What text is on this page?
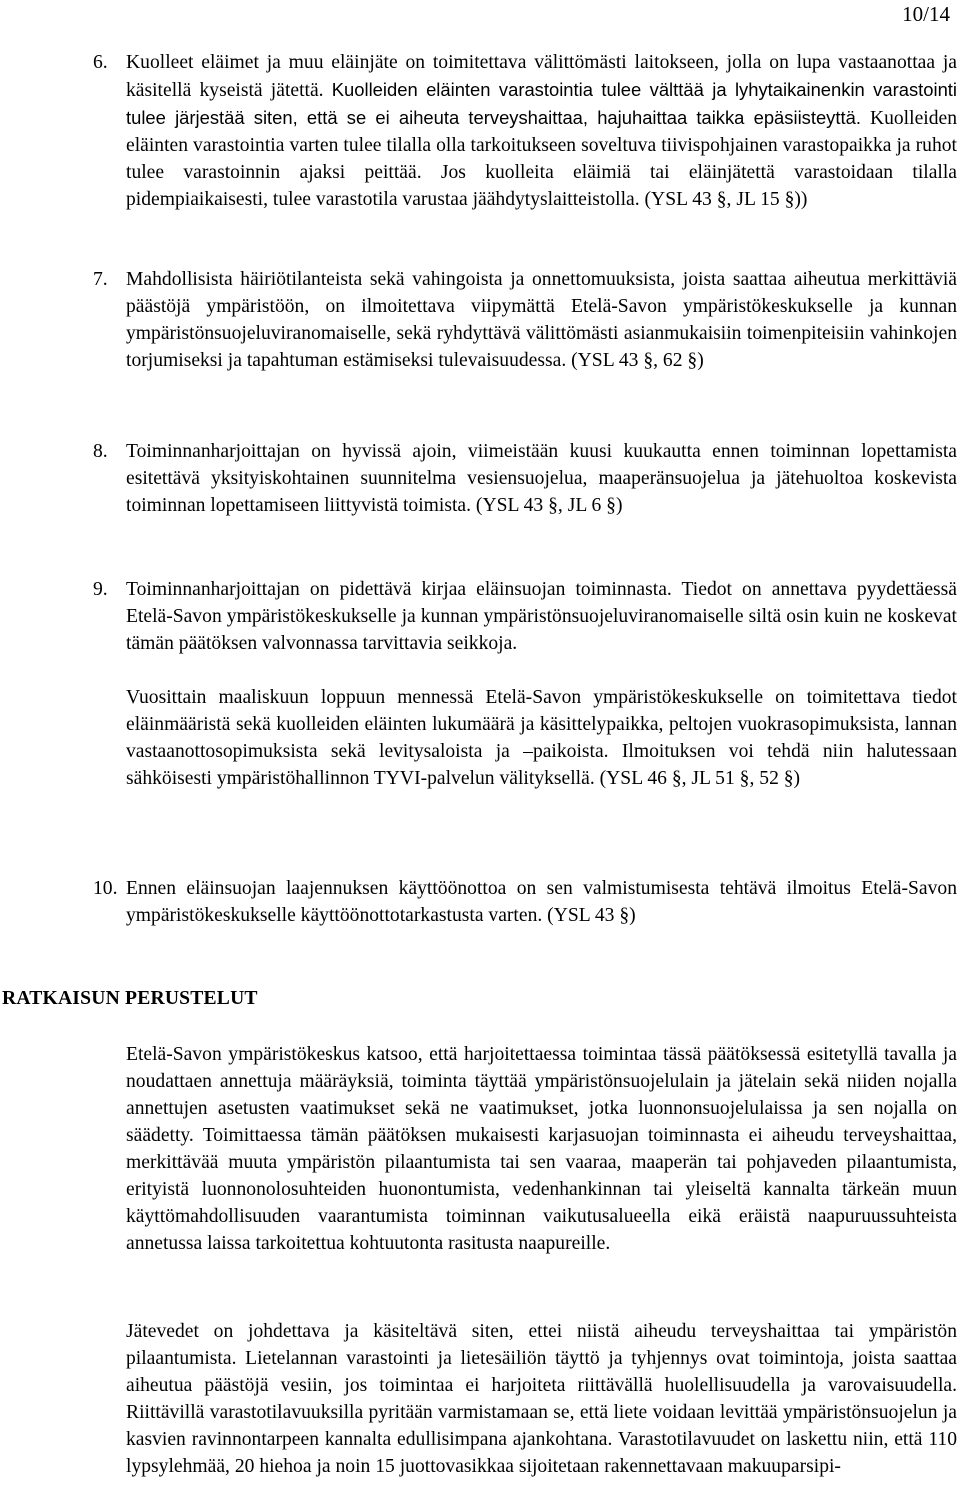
10/14
6. Kuolleet eläimet ja muu eläinjäte on toimitettava välittömästi laitokseen, jolla on lupa vastaanottaa ja käsitellä kyseistä jätettä. Kuolleiden eläinten varastointia tulee välttää ja lyhytaikainenkin varastointi tulee järjestää siten, että se ei aiheuta terveyshaittaa, hajuhaittaa taikka epäsiisteyttä. Kuolleiden eläinten varastointia varten tulee tilalla olla tarkoitukseen soveltuva tiivispohjainen varastopaikka ja ruhot tulee varastoinnin ajaksi peittää. Jos kuolleita eläimiä tai eläinjätettä varastoidaan tilalla pidempiaikaisesti, tulee varastotila varustaa jäähdytyslaitteistolla. (YSL 43 §, JL 15 §))

7. Mahdollisista häiriötilanteista sekä vahingoista ja onnettomuuksista, joista saattaa aiheutua merkittäviä päästöjä ympäristöön, on ilmoitettava viipymättä Etelä-Savon ympäristökeskukselle ja kunnan ympäristönsuojeluviranomaiselle, sekä ryhdyttävä välittömästi asianmukaisiin toimenpiteisiin vahinkojen torjumiseksi ja tapahtuman estämiseksi tulevaisuudessa. (YSL 43 §, 62 §)

8. Toiminnanharjoittajan on hyvissä ajoin, viimeistään kuusi kuukautta ennen toiminnan lopettamista esitettävä yksityiskohtainen suunnitelma vesiensuojelua, maaperänsuojelua ja jätehuoltoa koskevista toiminnan lopettamiseen liittyvistä toimista. (YSL 43 §, JL 6 §)

9. Toiminnanharjoittajan on pidettävä kirjaa eläinsuojan toiminnasta. Tiedot on annettava pyydettäessä Etelä-Savon ympäristökeskukselle ja kunnan ympäristönsuojeluviranomaiselle siltä osin kuin ne koskevat tämän päätöksen valvonnassa tarvittavia seikkoja.

Vuosittain maaliskuun loppuun mennessä Etelä-Savon ympäristökeskukselle on toimitettava tiedot eläinmääristä sekä kuolleiden eläinten lukumäärä ja käsittelypaikka, peltojen vuokrasopimuksista, lannan vastaanottosopimuksista sekä levitysaloista ja –paikoista. Ilmoituksen voi tehdä niin halutessaan sähköisesti ympäristöhallinnon TYVI-palvelun välityksellä. (YSL 46 §, JL 51 §, 52 §)

10. Ennen eläinsuojan laajennuksen käyttöönottoa on sen valmistumisesta tehtävä ilmoitus Etelä-Savon ympäristökeskukselle käyttöönottotarkastusta varten. (YSL 43 §)

RATKAISUN PERUSTELUT

Etelä-Savon ympäristökeskus katsoo, että harjoitettaessa toimintaa tässä päätöksessä esitetyllä tavalla ja noudattaen annettuja määräyksiä, toiminta täyttää ympäristönsuojelulain ja jätelain sekä niiden nojalla annettujen asetusten vaatimukset sekä ne vaatimukset, jotka luonnonsuojelulaissa ja sen nojalla on säädetty. Toimittaessa tämän päätöksen mukaisesti karjasuojan toiminnasta ei aiheudu terveyshaittaa, merkittävää muuta ympäristön pilaantumista tai sen vaaraa, maaperän tai pohjaveden pilaantumista, erityistä luonnonolosuhteiden huonontumista, vedenhankinnan tai yleiseltä kannalta tärkeän muun käyttömahdollisuuden vaarantumista toiminnan vaikutusalueella eikä eräistä naapuruussuhteista annetussa laissa tarkoitettua kohtuutonta rasitusta naapureille.

Jätevedet on johdettava ja käsiteltävä siten, ettei niistä aiheudu terveyshaittaa tai ympäristön pilaantumista. Lietelannan varastointi ja lietesäiliön täyttö ja tyhjennys ovat toimintoja, joista saattaa aiheutua päästöjä vesiin, jos toimintaa ei harjoiteta riittävällä huolellisuudella ja varovaisuudella. Riittävillä varastotilavuuksilla pyritään varmistamaan se, että liete voidaan levittää ympäristönsuojelun ja kasvien ravinnontarpeen kannalta edullisimpana ajankohtana. Varastotilavuudet on laskettu niin, että 110 lypsylehmää, 20 hiehoa ja noin 15 juottovasikkaa sijoitetaan rakennettavaan makuuparsipi-
